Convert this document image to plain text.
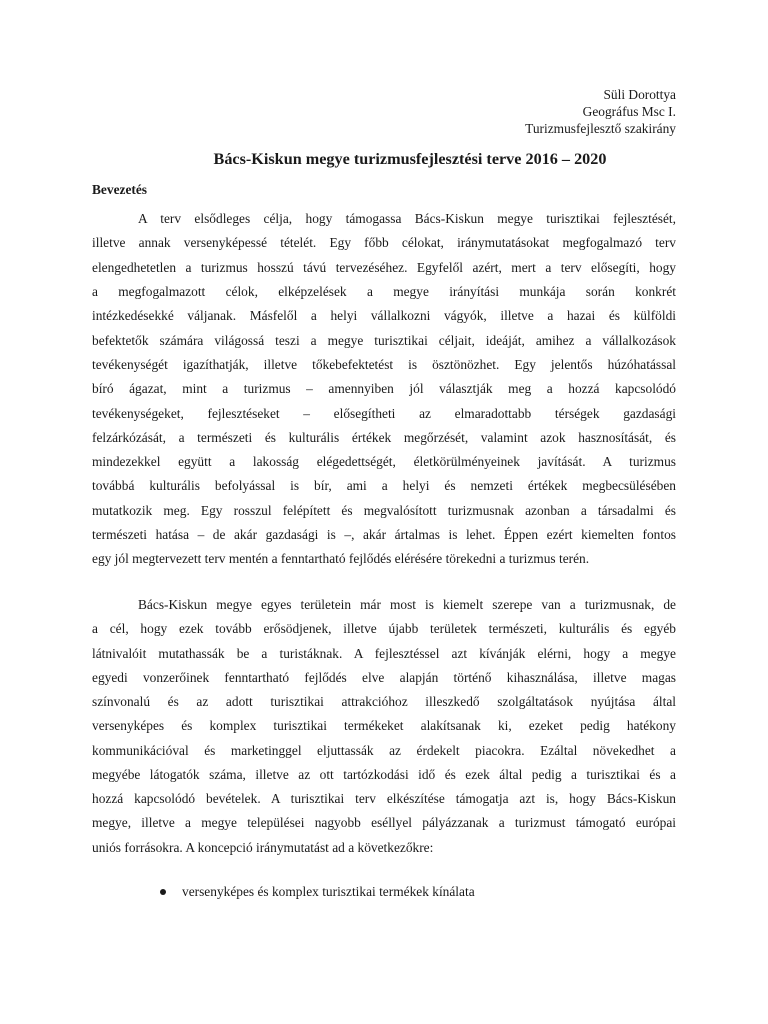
Süli Dorottya
Geográfus Msc I.
Turizmusfejlesztő szakirány
Bács-Kiskun megye turizmusfejlesztési terve 2016 – 2020
Bevezetés

A terv elsődleges célja, hogy támogassa Bács-Kiskun megye turisztikai fejlesztését,
illetve annak versenyképessé tételét. Egy főbb célokat, iránymutatásokat megfogalmazó terv
elengedhetetlen a turizmus hosszú távú tervezéséhez. Egyfelől azért, mert a terv elősegíti, hogy
a megfogalmazott célok, elképzelések a megye irányítási munkája során konkrét
intézkedésekké váljanak. Másfelől a helyi vállalkozni vágyók, illetve a hazai és külföldi
befektetők számára világossá teszi a megye turisztikai céljait, ideáját, amihez a vállalkozások
tevékenységét igazíthatják, illetve tőkebefektetést is ösztönözhet. Egy jelentős húzóhatással
bíró ágazat, mint a turizmus – amennyiben jól választják meg a hozzá kapcsolódó
tevékenységeket, fejlesztéseket – elősegítheti az elmaradottabb térségek gazdasági
felzárkózását, a természeti és kulturális értékek megőrzését, valamint azok hasznosítását, és
mindezekkel együtt a lakosság elégedettségét, életkörülményeinek javítását. A turizmus
továbbá kulturális befolyással is bír, ami a helyi és nemzeti értékek megbecsülésében
mutatkozik meg. Egy rosszul felépített és megvalósított turizmusnak azonban a társadalmi és
természeti hatása – de akár gazdasági is –, akár ártalmas is lehet. Éppen ezért kiemelten fontos
egy jól megtervezett terv mentén a fenntartható fejlődés elérésére törekedni a turizmus terén.

Bács-Kiskun megye egyes területein már most is kiemelt szerepe van a turizmusnak, de
a cél, hogy ezek tovább erősödjenek, illetve újabb területek természeti, kulturális és egyéb
látnivalóit mutathassák be a turistáknak. A fejlesztéssel azt kívánják elérni, hogy a megye
egyedi vonzerőinek fenntartható fejlődés elve alapján történő kihasználása, illetve magas
színvonalú és az adott turisztikai attrakcióhoz illeszkedő szolgáltatások nyújtása által
versenyképes és komplex turisztikai termékeket alakítsanak ki, ezeket pedig hatékony
kommunikációval és marketinggel eljuttassák az érdekelt piacokra. Ezáltal növekedhet a
megyébe látogatók száma, illetve az ott tartózkodási idő és ezek által pedig a turisztikai és a
hozzá kapcsolódó bevételek. A turisztikai terv elkészítése támogatja azt is, hogy Bács-Kiskun
megye, illetve a megye települései nagyobb eséllyel pályázzanak a turizmust támogató európai
uniós forrásokra. A koncepció iránymutatást ad a következőkre:

versenyképes és komplex turisztikai termékek kínálata
